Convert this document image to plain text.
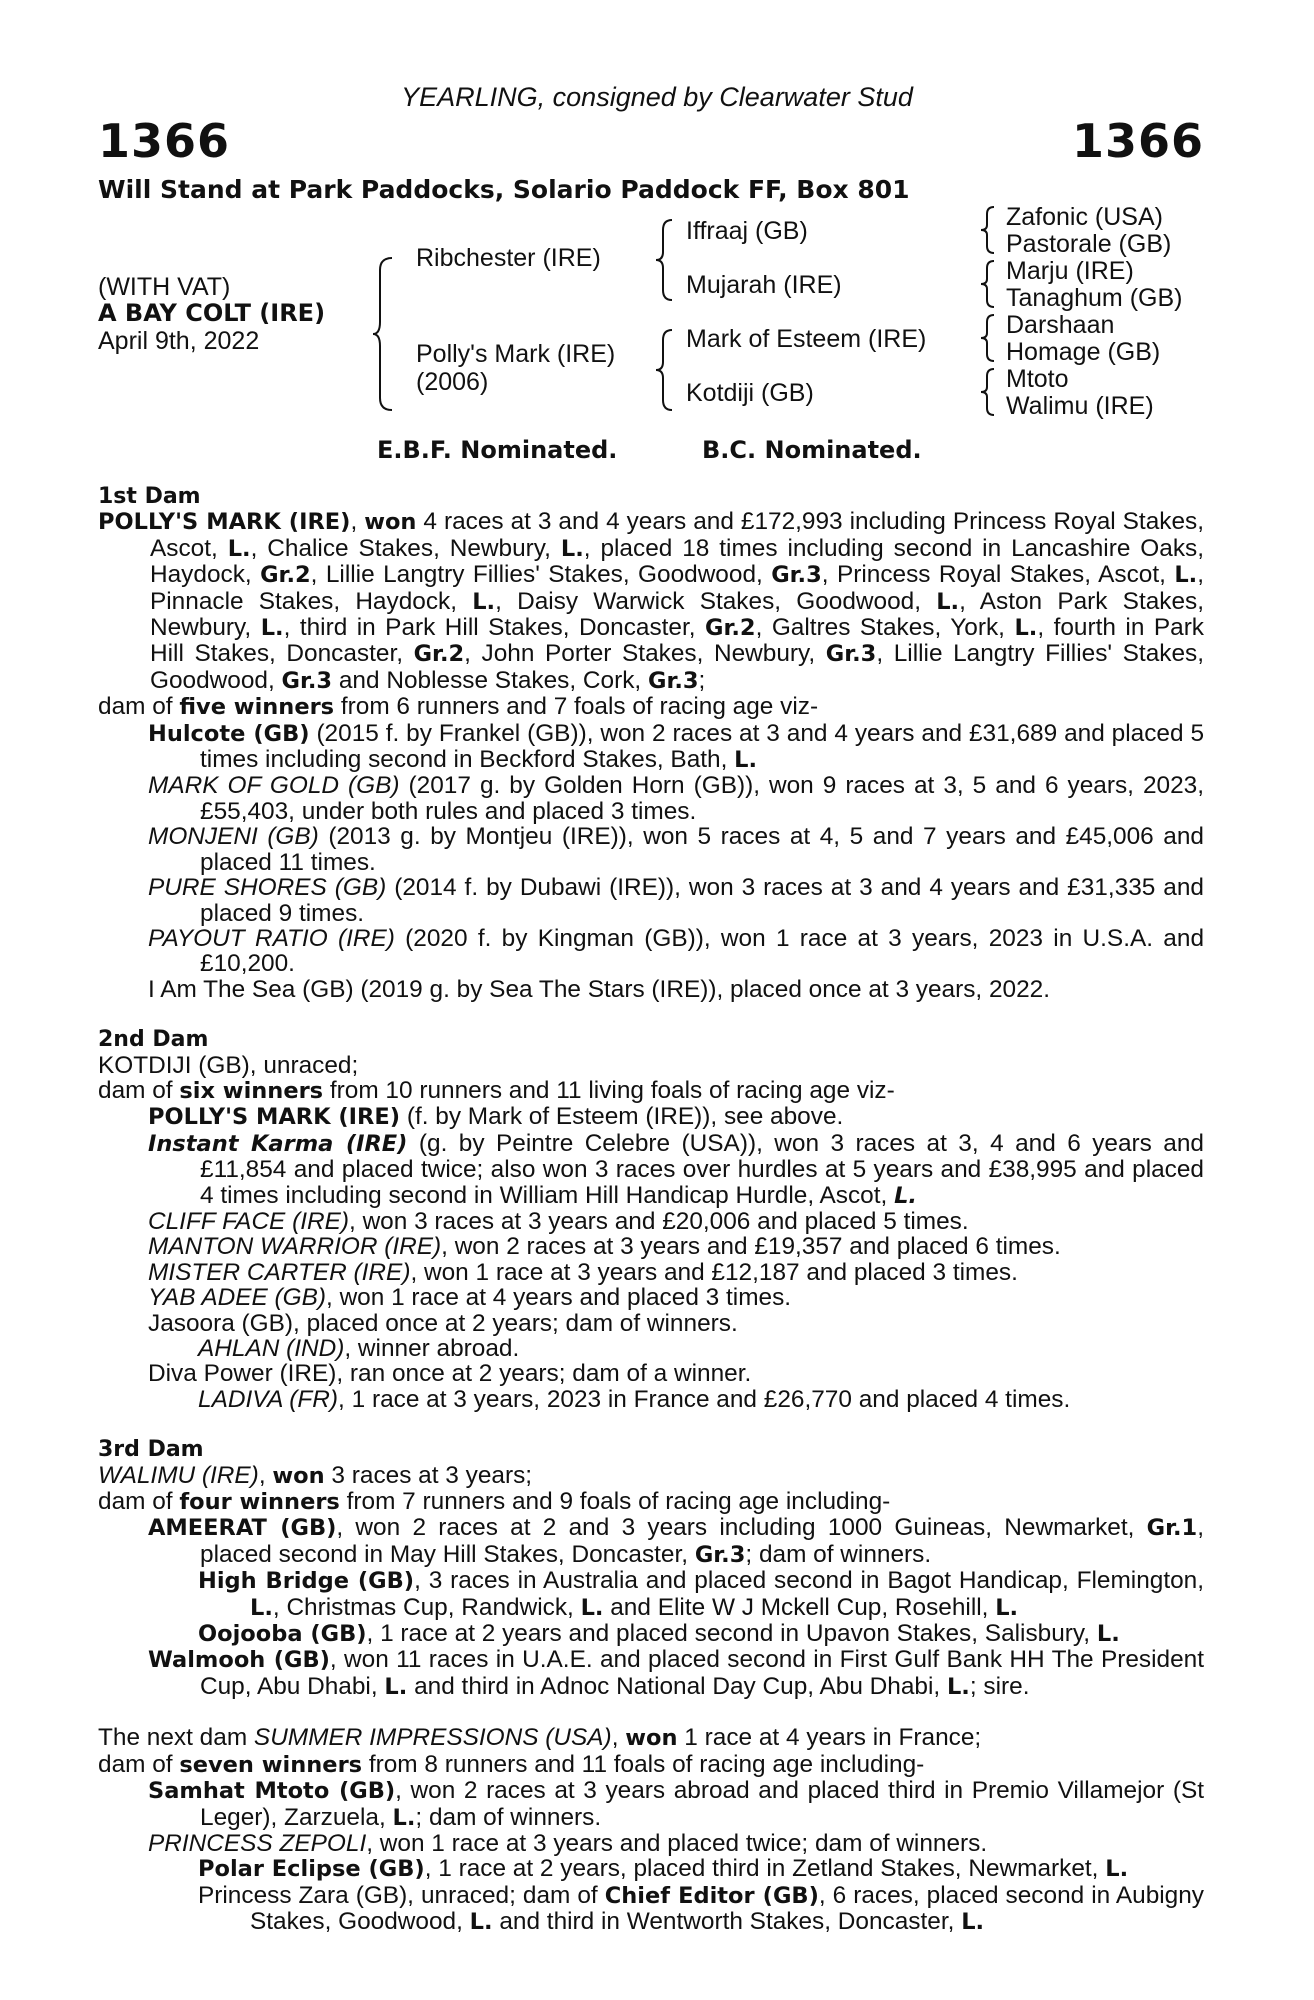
YEARLING, consigned by Clearwater Stud
1366	1366
Will Stand at Park Paddocks, Solario Paddock FF, Box 801
(WITH VAT)
A BAY COLT (IRE)
April 9th, 2022
Ribchester (IRE)
Polly's Mark (IRE)
(2006)
Iffraaj (GB)
Mujarah (IRE)
Mark of Esteem (IRE)
Kotdiji (GB)
Zafonic (USA)
Pastorale (GB)
Marju (IRE)
Tanaghum (GB)
Darshaan
Homage (GB)
Mtoto
Walimu (IRE)
E.B.F. Nominated.	B.C. Nominated.
1st Dam
POLLY'S MARK (IRE), won 4 races at 3 and 4 years and £172,993 including Princess Royal Stakes, Ascot, L., Chalice Stakes, Newbury, L., placed 18 times including second in Lancashire Oaks, Haydock, Gr.2, Lillie Langtry Fillies' Stakes, Goodwood, Gr.3, Princess Royal Stakes, Ascot, L., Pinnacle Stakes, Haydock, L., Daisy Warwick Stakes, Goodwood, L., Aston Park Stakes, Newbury, L., third in Park Hill Stakes, Doncaster, Gr.2, Galtres Stakes, York, L., fourth in Park Hill Stakes, Doncaster, Gr.2, John Porter Stakes, Newbury, Gr.3, Lillie Langtry Fillies' Stakes, Goodwood, Gr.3 and Noblesse Stakes, Cork, Gr.3;
dam of five winners from 6 runners and 7 foals of racing age viz-
Hulcote (GB) (2015 f. by Frankel (GB)), won 2 races at 3 and 4 years and £31,689 and placed 5 times including second in Beckford Stakes, Bath, L.
MARK OF GOLD (GB) (2017 g. by Golden Horn (GB)), won 9 races at 3, 5 and 6 years, 2023, £55,403, under both rules and placed 3 times.
MONJENI (GB) (2013 g. by Montjeu (IRE)), won 5 races at 4, 5 and 7 years and £45,006 and placed 11 times.
PURE SHORES (GB) (2014 f. by Dubawi (IRE)), won 3 races at 3 and 4 years and £31,335 and placed 9 times.
PAYOUT RATIO (IRE) (2020 f. by Kingman (GB)), won 1 race at 3 years, 2023 in U.S.A. and £10,200.
I Am The Sea (GB) (2019 g. by Sea The Stars (IRE)), placed once at 3 years, 2022.
2nd Dam
KOTDIJI (GB), unraced;
dam of six winners from 10 runners and 11 living foals of racing age viz-
POLLY'S MARK (IRE) (f. by Mark of Esteem (IRE)), see above.
Instant Karma (IRE) (g. by Peintre Celebre (USA)), won 3 races at 3, 4 and 6 years and £11,854 and placed twice; also won 3 races over hurdles at 5 years and £38,995 and placed 4 times including second in William Hill Handicap Hurdle, Ascot, L.
CLIFF FACE (IRE), won 3 races at 3 years and £20,006 and placed 5 times.
MANTON WARRIOR (IRE), won 2 races at 3 years and £19,357 and placed 6 times.
MISTER CARTER (IRE), won 1 race at 3 years and £12,187 and placed 3 times.
YAB ADEE (GB), won 1 race at 4 years and placed 3 times.
Jasoora (GB), placed once at 2 years; dam of winners.
AHLAN (IND), winner abroad.
Diva Power (IRE), ran once at 2 years; dam of a winner.
LADIVA (FR), 1 race at 3 years, 2023 in France and £26,770 and placed 4 times.
3rd Dam
WALIMU (IRE), won 3 races at 3 years;
dam of four winners from 7 runners and 9 foals of racing age including-
AMEERAT (GB), won 2 races at 2 and 3 years including 1000 Guineas, Newmarket, Gr.1, placed second in May Hill Stakes, Doncaster, Gr.3; dam of winners.
High Bridge (GB), 3 races in Australia and placed second in Bagot Handicap, Flemington, L., Christmas Cup, Randwick, L. and Elite W J Mckell Cup, Rosehill, L.
Oojooba (GB), 1 race at 2 years and placed second in Upavon Stakes, Salisbury, L.
Walmooh (GB), won 11 races in U.A.E. and placed second in First Gulf Bank HH The President Cup, Abu Dhabi, L. and third in Adnoc National Day Cup, Abu Dhabi, L.; sire.
The next dam SUMMER IMPRESSIONS (USA), won 1 race at 4 years in France;
dam of seven winners from 8 runners and 11 foals of racing age including-
Samhat Mtoto (GB), won 2 races at 3 years abroad and placed third in Premio Villamejor (St Leger), Zarzuela, L.; dam of winners.
PRINCESS ZEPOLI, won 1 race at 3 years and placed twice; dam of winners.
Polar Eclipse (GB), 1 race at 2 years, placed third in Zetland Stakes, Newmarket, L.
Princess Zara (GB), unraced; dam of Chief Editor (GB), 6 races, placed second in Aubigny Stakes, Goodwood, L. and third in Wentworth Stakes, Doncaster, L.
